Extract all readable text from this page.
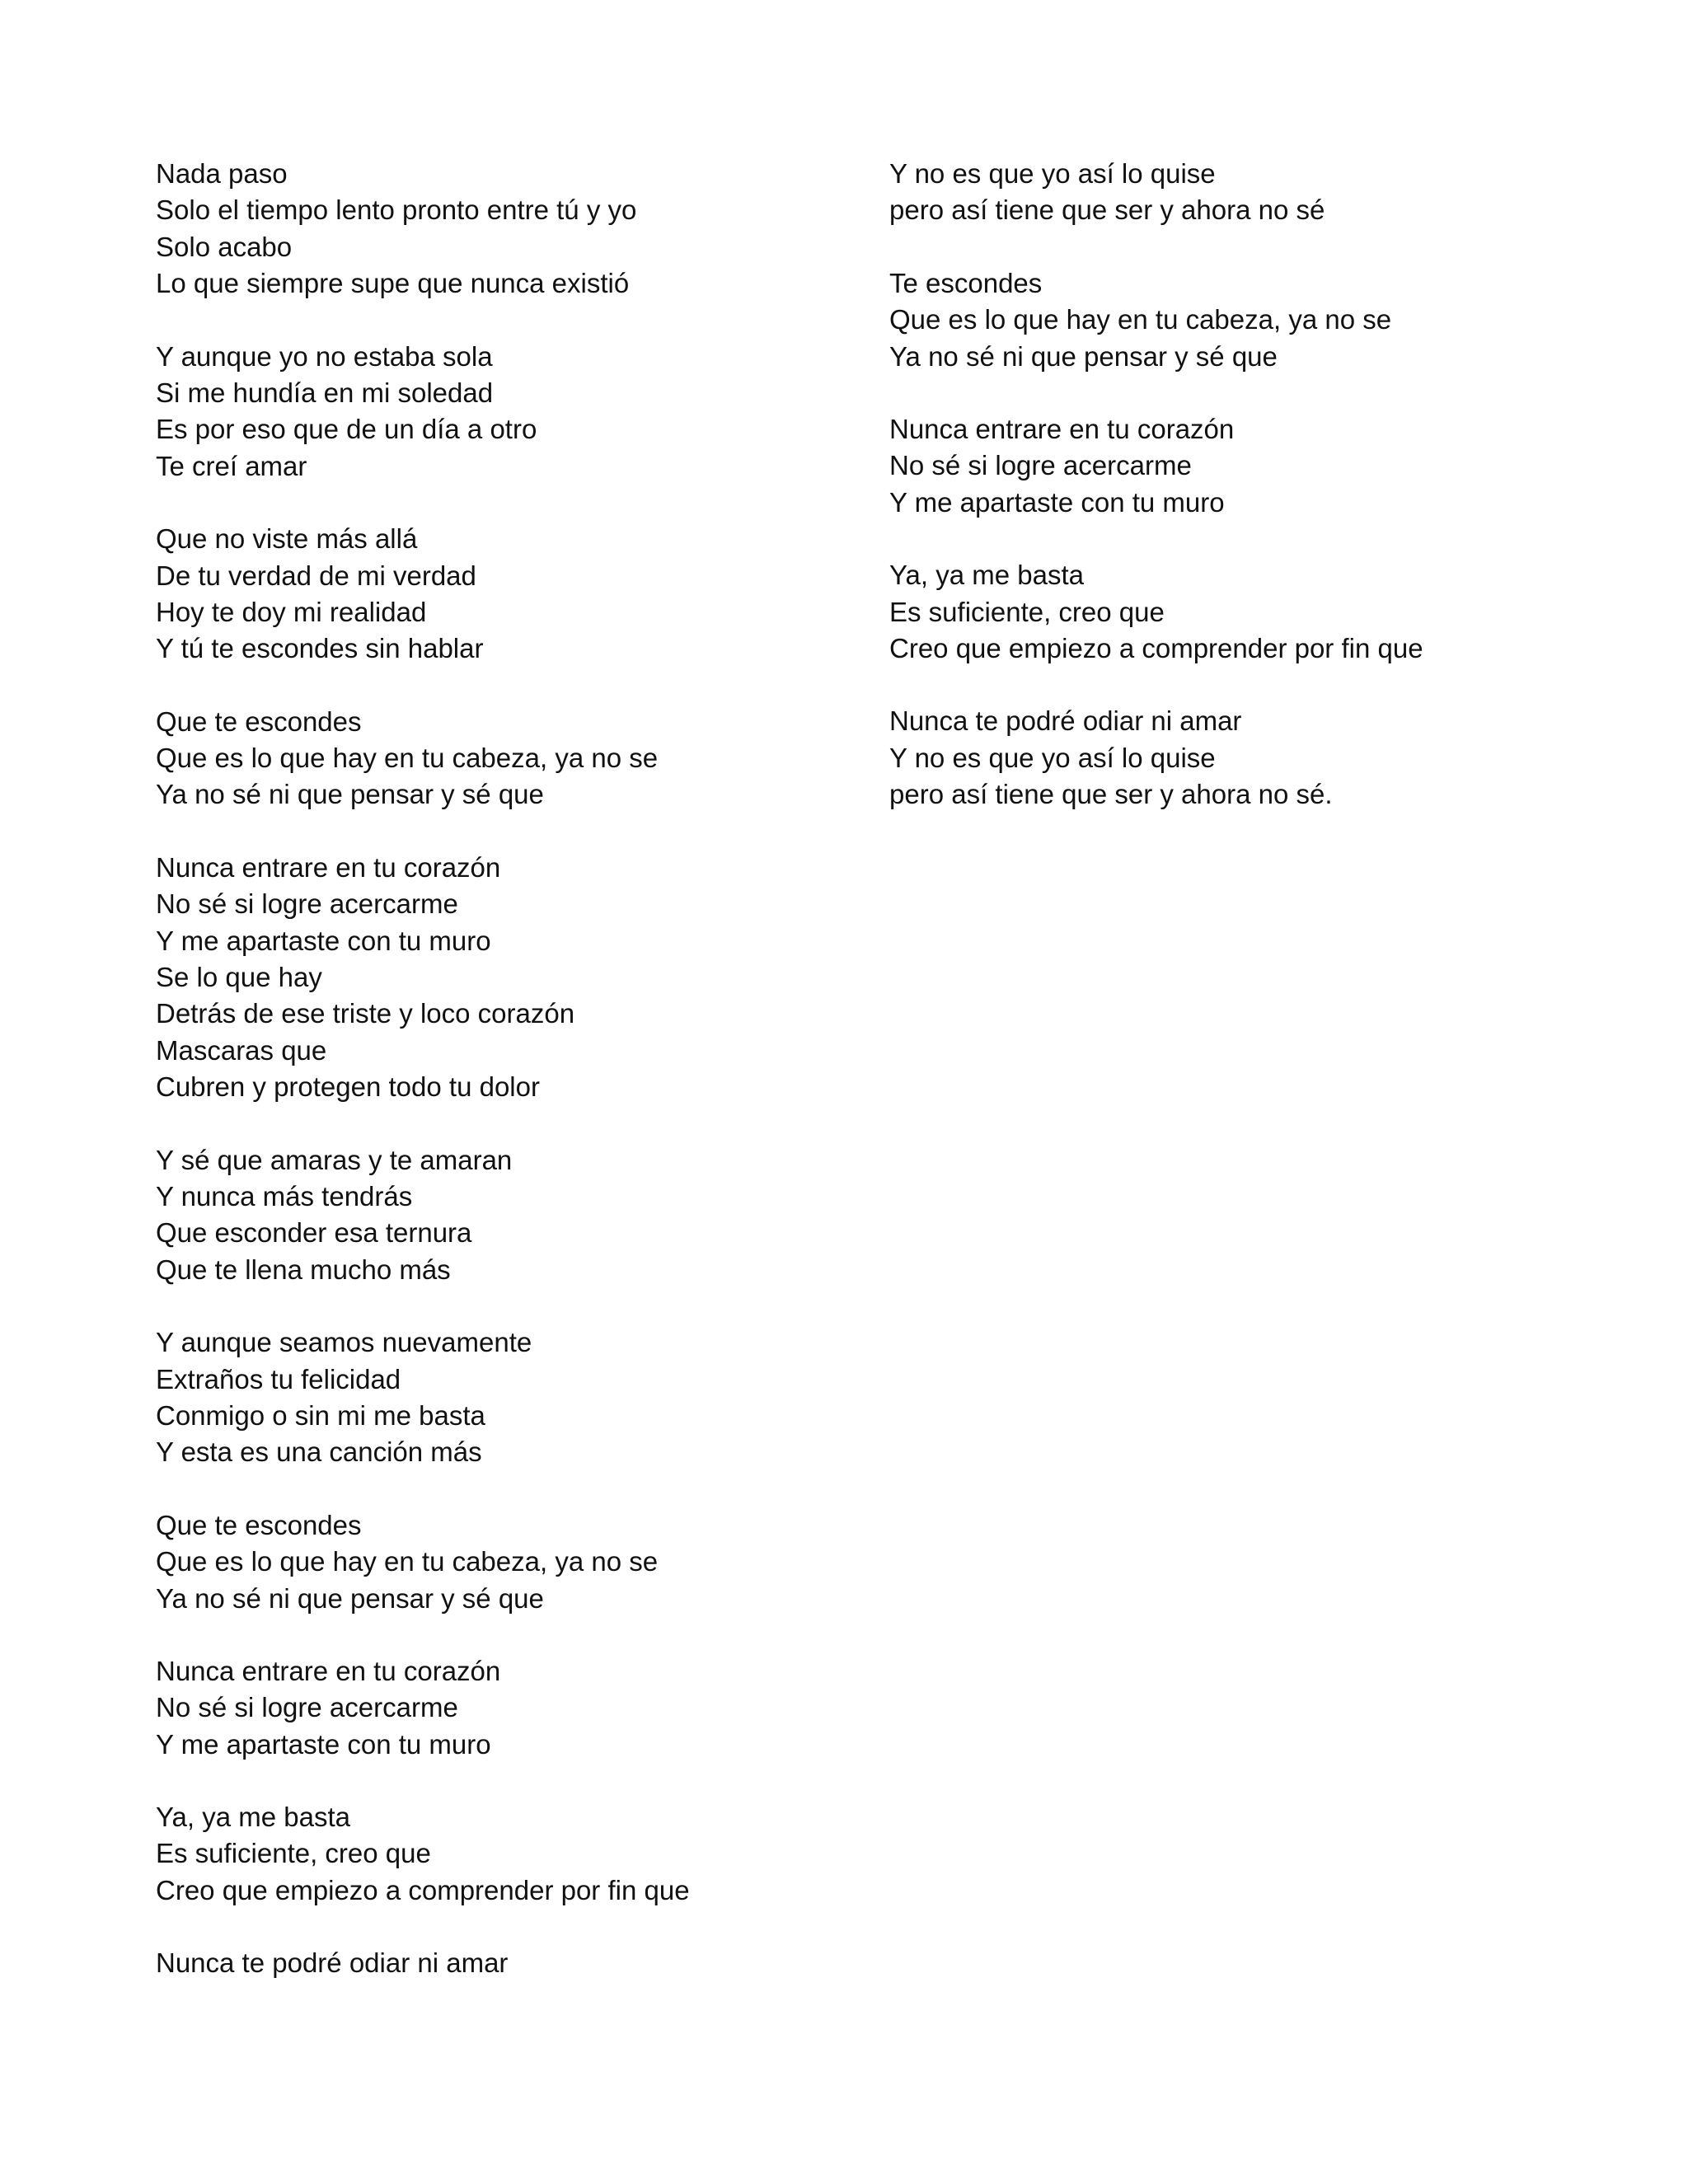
Nada paso
Solo el tiempo lento pronto entre tú y yo
Solo acabo
Lo que siempre supe que nunca existió
Y aunque yo no estaba sola
Si me hundía en mi soledad
Es por eso que de un día a otro
Te creí amar
Que no viste más allá
De tu verdad de mi verdad
Hoy te doy mi realidad
Y tú te escondes sin hablar
Que te escondes
Que es lo que hay en tu cabeza, ya no se
Ya no sé ni que pensar y sé que
Nunca entrare en tu corazón
No sé si logre acercarme
Y me apartaste con tu muro
Se lo que hay
Detrás de ese triste y loco corazón
Mascaras que
Cubren y protegen todo tu dolor
Y sé que amaras y te amaran
Y nunca más tendrás
Que esconder esa ternura
Que te llena mucho más
Y aunque seamos nuevamente
Extraños tu felicidad
Conmigo o sin mi me basta
Y esta es una canción más
Que te escondes
Que es lo que hay en tu cabeza, ya no se
Ya no sé ni que pensar y sé que
Nunca entrare en tu corazón
No sé si logre acercarme
Y me apartaste con tu muro
Ya, ya me basta
Es suficiente, creo que
Creo que empiezo a comprender por fin que
Nunca te podré odiar ni amar
Y no es que yo así lo quise
pero así tiene que ser y ahora no sé
Te escondes
Que es lo que hay en tu cabeza, ya no se
Ya no sé ni que pensar y sé que
Nunca entrare en tu corazón
No sé si logre acercarme
Y me apartaste con tu muro
Ya, ya me basta
Es suficiente, creo que
Creo que empiezo a comprender por fin que
Nunca te podré odiar ni amar
Y no es que yo así lo quise
pero así tiene que ser y ahora no sé.
